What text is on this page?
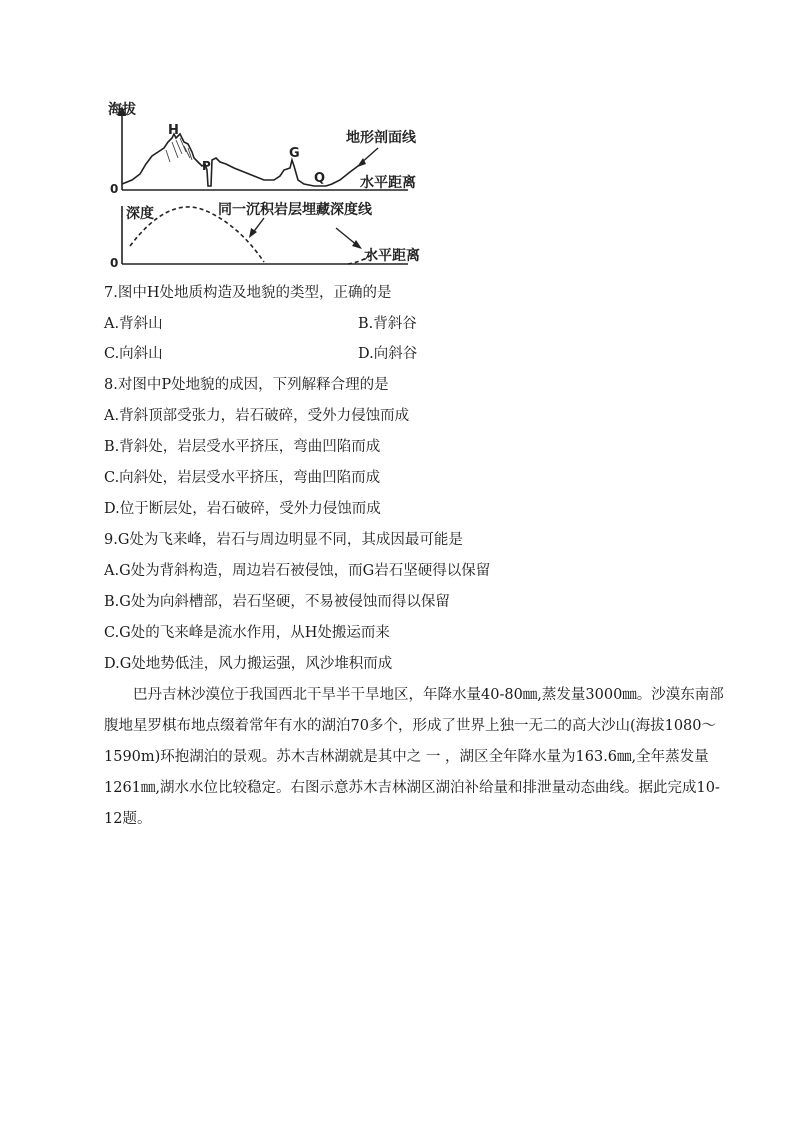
海拔
0	水平距离
H
P
G
Q
地形剖面线
深度
0	水平距离
同一沉积岩层埋藏深度线
7.图中H处地质构造及地貌的类型，正确的是
A.背斜山	B.背斜谷
C.向斜山	D.向斜谷
8.对图中P处地貌的成因，下列解释合理的是
A.背斜顶部受张力，岩石破碎，受外力侵蚀而成
B.背斜处，岩层受水平挤压，弯曲凹陷而成
C.向斜处，岩层受水平挤压，弯曲凹陷而成
D.位于断层处，岩石破碎，受外力侵蚀而成
9.G处为飞来峰，岩石与周边明显不同，其成因最可能是
A.G处为背斜构造，周边岩石被侵蚀，而G岩石坚硬得以保留
B.G处为向斜槽部，岩石坚硬，不易被侵蚀而得以保留
C.G处的飞来峰是流水作用，从H处搬运而来
D.G处地势低洼，风力搬运强，风沙堆积而成

巴丹吉林沙漠位于我国西北干旱半干旱地区，年降水量40-80㎜,蒸发量3000㎜。沙漠东南部腹地星罗棋布地点缀着常年有水的湖泊70多个，形成了世界上独一无二的高大沙山(海拔1080～1590m)环抱湖泊的景观。苏木吉林湖就是其中之 一 ，湖区全年降水量为163.6㎜,全年蒸发量1261㎜,湖水水位比较稳定。右图示意苏木吉林湖区湖泊补给量和排泄量动态曲线。据此完成10-12题。
